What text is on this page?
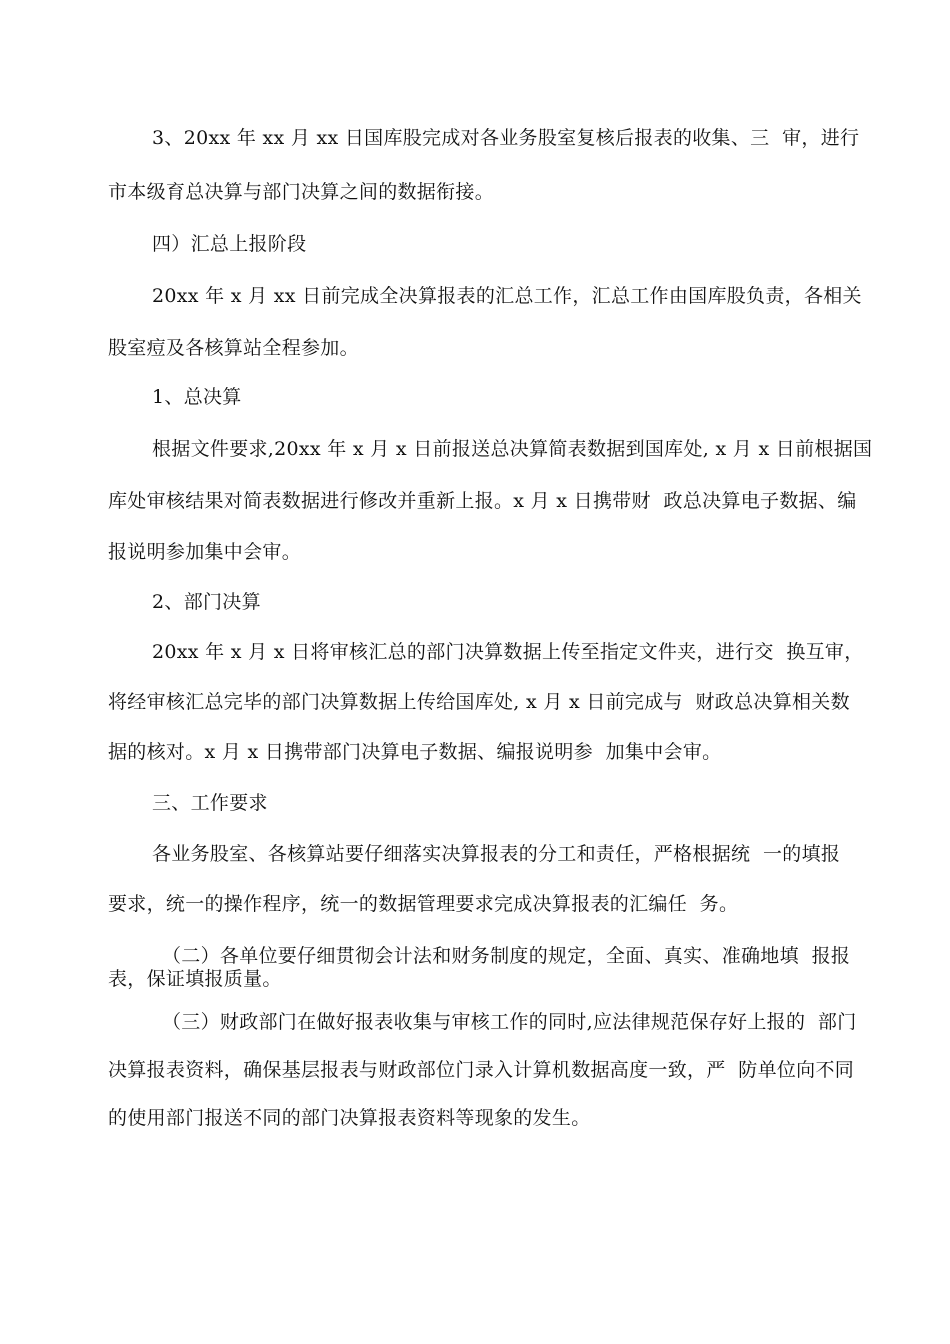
3、20xx 年 xx 月 xx 日国库股完成对各业务股室复核后报表的收集、三  审，进行
市本级育总决算与部门决算之间的数据衔接。
四）汇总上报阶段
20xx 年 x 月 xx 日前完成全决算报表的汇总工作，汇总工作由国库股负责，各相关
股室痘及各核算站全程参加。
1、总决算
根据文件要求,20xx 年 x 月 x 日前报送总决算简表数据到国库处, x 月 x 日前根据国
库处审核结果对简表数据进行修改并重新上报。x 月 x 日携带财  政总决算电子数据、编
报说明参加集中会审。
2、部门决算
20xx 年 x 月 x 日将审核汇总的部门决算数据上传至指定文件夹，进行交  换互审，
将经审核汇总完毕的部门决算数据上传给国库处, x 月 x 日前完成与  财政总决算相关数
据的核对。x 月 x 日携带部门决算电子数据、编报说明参  加集中会审。
三、工作要求
各业务股室、各核算站要仔细落实决算报表的分工和责任，严格根据统  一的填报
要求，统一的操作程序，统一的数据管理要求完成决算报表的汇编任  务。
（二）各单位要仔细贯彻会计法和财务制度的规定，全面、真实、准确地填  报报
表，保证填报质量。
（三）财政部门在做好报表收集与审核工作的同时,应法律规范保存好上报的  部门
决算报表资料，确保基层报表与财政部位门录入计算机数据高度一致，严  防单位向不同
的使用部门报送不同的部门决算报表资料等现象的发生。
